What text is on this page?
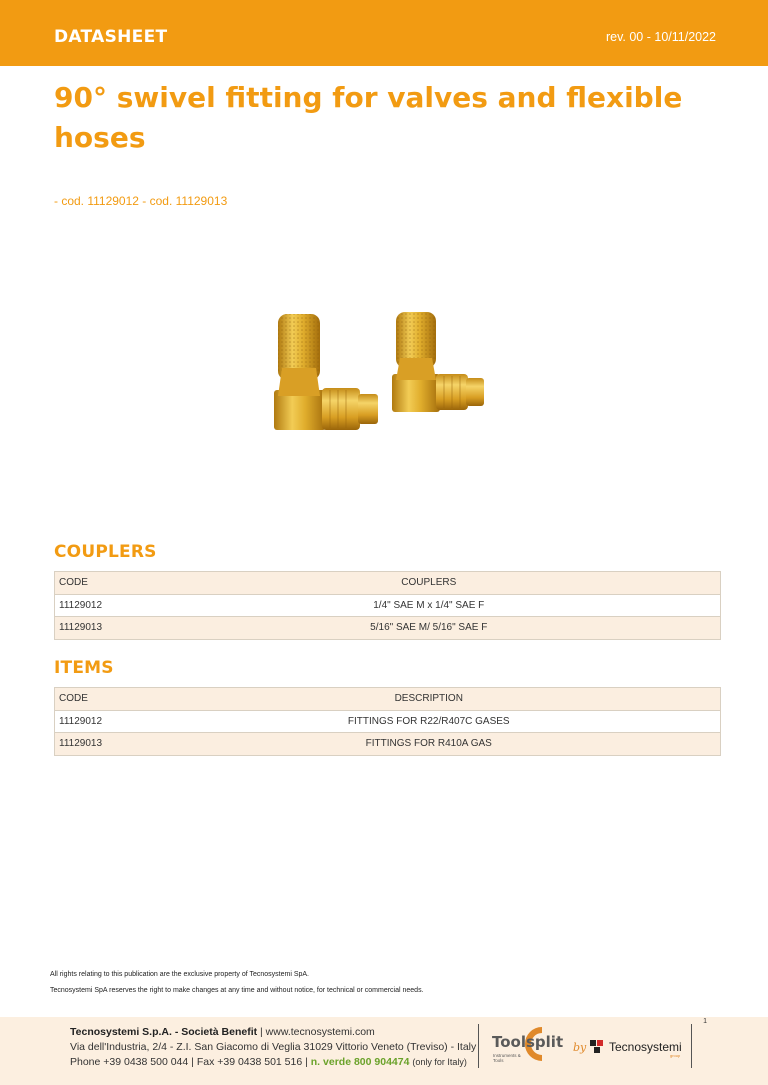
DATASHEET	rev. 00 - 10/11/2022
90° swivel fitting for valves and flexible hoses
- cod. 11129012 - cod. 11129013
COUPLERS
CODE	COUPLERS
11129012	1/4" SAE M x 1/4" SAE F
11129013	5/16" SAE M/ 5/16" SAE F
ITEMS
CODE	DESCRIPTION
11129012	FITTINGS FOR R22/R407C GASES
11129013	FITTINGS FOR R410A GAS

All rights relating to this publication are the exclusive property of Tecnosystemi SpA.

Tecnosystemi SpA reserves the right to make changes at any time and without notice, for technical or commercial needs.

Tecnosystemi S.p.A. - Società Benefit | www.tecnosystemi.com
Via dell'Industria, 2/4 - Z.I. San Giacomo di Veglia 31029 Vittorio Veneto (Treviso) - Italy
Phone +39 0438 500 044 | Fax +39 0438 501 516 | n. verde 800 904474 (only for Italy)
1
Toolsplit
Instruments &
Tools
by Tecnosystemi
group
